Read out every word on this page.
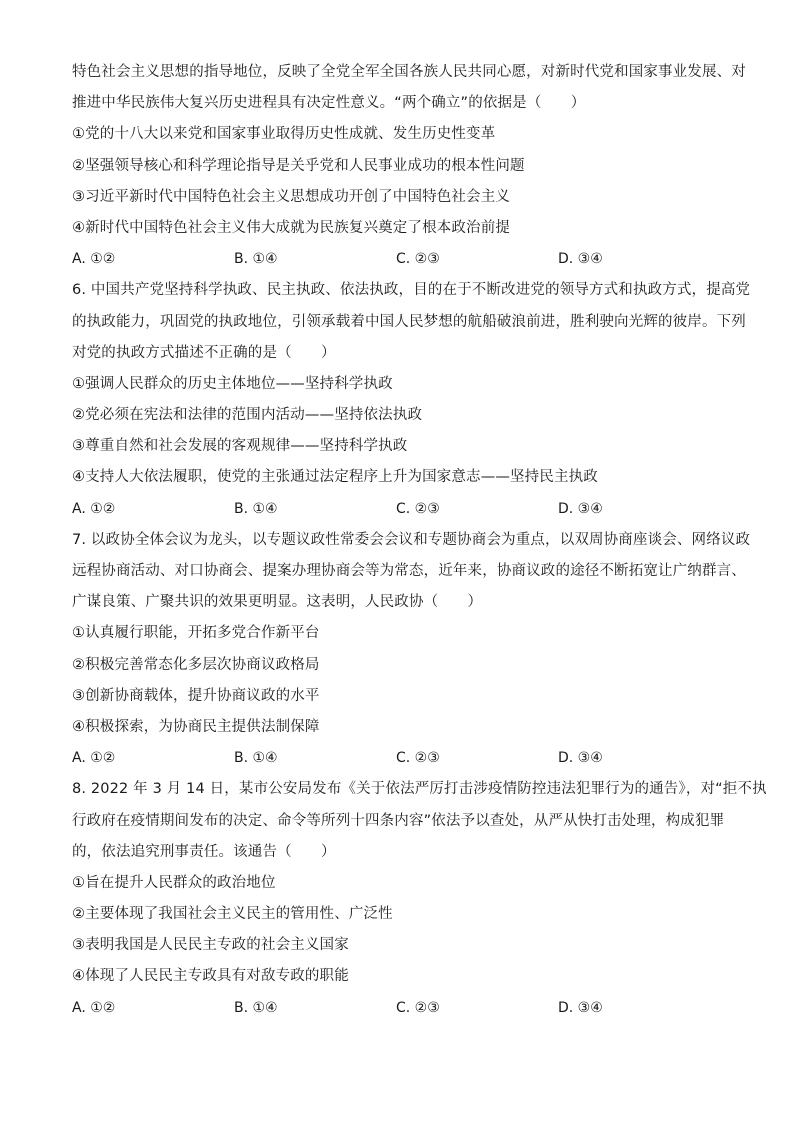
特色社会主义思想的指导地位，反映了全党全军全国各族人民共同心愿，对新时代党和国家事业发展、对
推进中华民族伟大复兴历史进程具有决定性意义。“两个确立”的依据是（　　）
①党的十八大以来党和国家事业取得历史性成就、发生历史性变革
②坚强领导核心和科学理论指导是关乎党和人民事业成功的根本性问题
③习近平新时代中国特色社会主义思想成功开创了中国特色社会主义
④新时代中国特色社会主义伟大成就为民族复兴奠定了根本政治前提
A. ①②	B. ①④	C. ②③	D. ③④
6. 中国共产党坚持科学执政、民主执政、依法执政，目的在于不断改进党的领导方式和执政方式，提高党
的执政能力，巩固党的执政地位，引领承载着中国人民梦想的航船破浪前进，胜利驶向光辉的彼岸。下列
对党的执政方式描述不正确的是（　　）
①强调人民群众的历史主体地位——坚持科学执政
②党必须在宪法和法律的范围内活动——坚持依法执政
③尊重自然和社会发展的客观规律——坚持科学执政
④支持人大依法履职，使党的主张通过法定程序上升为国家意志——坚持民主执政
A. ①②	B. ①④	C. ②③	D. ③④
7. 以政协全体会议为龙头，以专题议政性常委会会议和专题协商会为重点，以双周协商座谈会、网络议政
远程协商活动、对口协商会、提案办理协商会等为常态，近年来，协商议政的途径不断拓宽让广纳群言、
广谋良策、广聚共识的效果更明显。这表明，人民政协（　　）
①认真履行职能，开拓多党合作新平台
②积极完善常态化多层次协商议政格局
③创新协商载体，提升协商议政的水平
④积极探索，为协商民主提供法制保障
A. ①②	B. ①④	C. ②③	D. ③④
8. 2022 年 3 月 14 日，某市公安局发布《关于依法严厉打击涉疫情防控违法犯罪行为的通告》，对“拒不执
行政府在疫情期间发布的决定、命令等所列十四条内容”依法予以查处，从严从快打击处理，构成犯罪
的，依法追究刑事责任。该通告（　　）
①旨在提升人民群众的政治地位
②主要体现了我国社会主义民主的管用性、广泛性
③表明我国是人民民主专政的社会主义国家
④体现了人民民主专政具有对敌专政的职能
A. ①②	B. ①④	C. ②③	D. ③④
